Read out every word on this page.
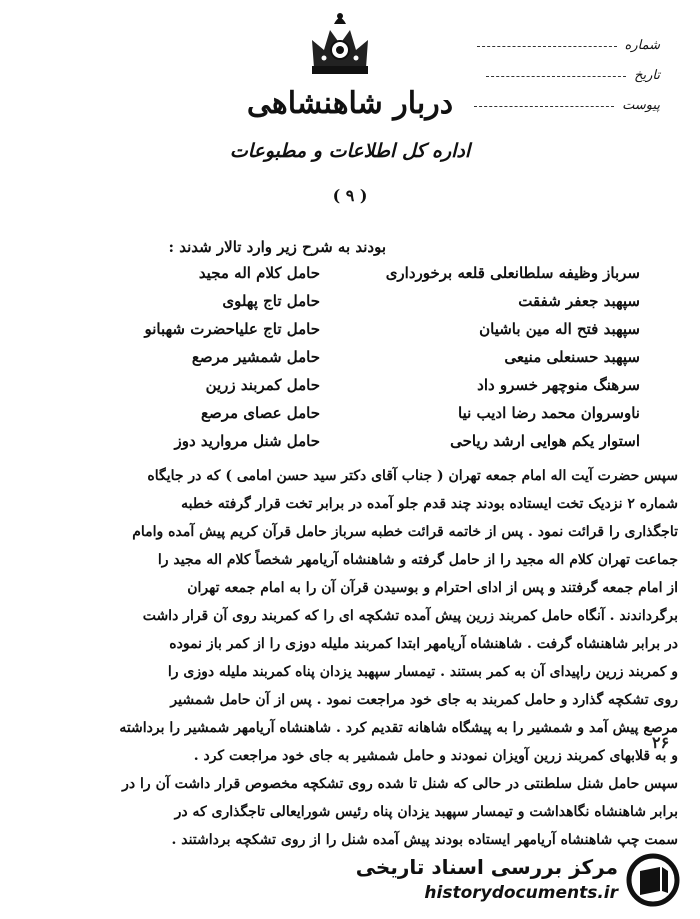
شماره
تاریخ
پیوست
دربار شاهنشاهی
اداره کل اطلاعات و مطبوعات
( ۹ )
بودند به شرح زیر وارد تالار شدند :
سرباز وظیفه سلطانعلی قلعه برخورداری
حامل کلام اله مجید
سپهبد جعفر شفقت
حامل تاج پهلوی
سپهبد فتح اله مین باشیان
حامل تاج علیاحضرت شهبانو
سپهبد حسنعلی منیعی
حامل شمشیر مرصع
سرهنگ منوچهر خسرو داد
حامل کمربند زرین
ناوسروان محمد رضا ادیب نیا
حامل عصای مرصع
استوار یکم هوایی ارشد ریاحی
حامل شنل مروارید دوز
سپس حضرت آیت اله امام جمعه تهران ( جناب آقای دکتر سید حسن امامی ) که در جایگاه
شماره ۲ نزدیک تخت ایستاده بودند چند قدم جلو آمده در برابر تخت قرار گرفته خطبه
تاجگذاری را قرائت نمود . پس از خاتمه قرائت خطبه سرباز حامل قرآن کریم پیش آمده وامام
جماعت تهران کلام اله مجید را از حامل گرفته و شاهنشاه آریامهر شخصاً کلام اله مجید را
از امام جمعه گرفتند و پس از ادای احترام و بوسیدن قرآن آن را به امام جمعه تهران
برگرداندند . آنگاه حامل کمربند زرین پیش آمده تشکچه ای را که کمربند روی آن قرار داشت
در برابر شاهنشاه گرفت . شاهنشاه آریامهر ابتدا کمربند ملیله دوزی را از کمر باز نموده
و کمربند زرین راپیدای آن به کمر بستند . تیمسار سپهبد یزدان پناه کمربند ملیله دوزی را
روی تشکچه گذارد و حامل کمربند به جای خود مراجعت نمود . پس از آن حامل شمشیر
مرصع پیش آمد و شمشیر را به پیشگاه شاهانه تقدیم کرد . شاهنشاه آریامهر شمشیر را برداشته
و به قلابهای کمربند زرین آویزان نمودند و حامل شمشیر به جای خود مراجعت کرد .
سپس حامل شنل سلطنتی در حالی که شنل تا شده روی تشکچه مخصوص قرار داشت آن را در
برابر شاهنشاه نگاهداشت و تیمسار سپهبد یزدان پناه رئیس شورایعالی تاجگذاری که در
سمت چپ شاهنشاه آریامهر ایستاده بودند پیش آمده شنل را از روی تشکچه برداشتند .
۲۶
مرکز بررسی اسناد تاریخی
historydocuments.ir
